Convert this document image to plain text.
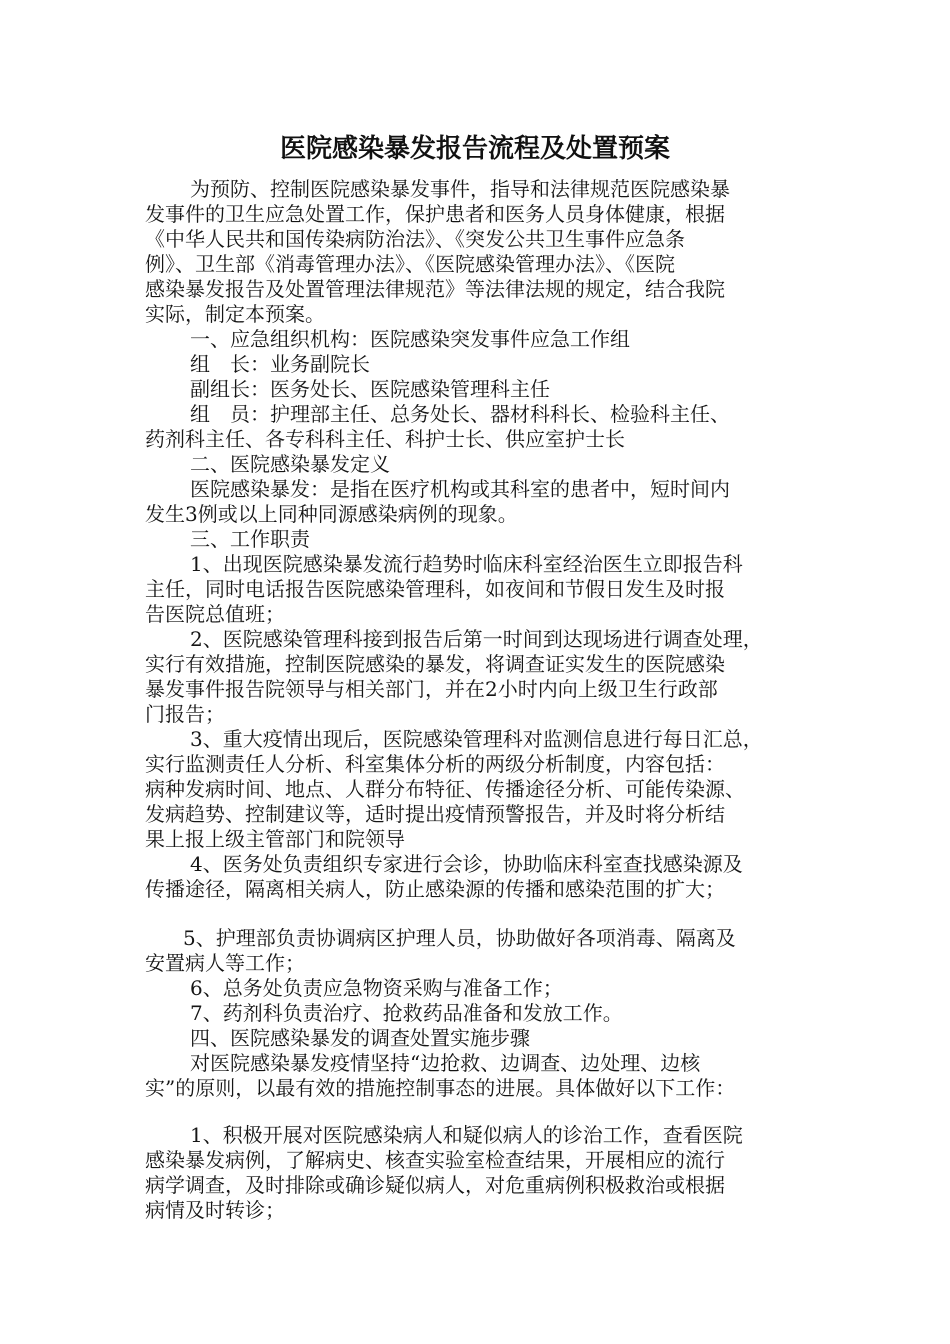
医院感染暴发报告流程及处置预案
为预防、控制医院感染暴发事件，指导和法律规范医院感染暴
发事件的卫生应急处置工作，保护患者和医务人员身体健康，根据
《中华人民共和国传染病防治法》、《突发公共卫生事件应急条
例》、卫生部《消毒管理办法》、《医院感染管理办法》、《医院
感染暴发报告及处置管理法律规范》等法律法规的规定，结合我院
实际，制定本预案。
一、应急组织机构：医院感染突发事件应急工作组
组　长：业务副院长
副组长：医务处长、医院感染管理科主任
组　员：护理部主任、总务处长、器材科科长、检验科主任、
药剂科主任、各专科科主任、科护士长、供应室护士长
二、医院感染暴发定义
医院感染暴发：是指在医疗机构或其科室的患者中，短时间内
发生3例或以上同种同源感染病例的现象。
三、工作职责
1、出现医院感染暴发流行趋势时临床科室经治医生立即报告科
主任，同时电话报告医院感染管理科，如夜间和节假日发生及时报
告医院总值班；
2、医院感染管理科接到报告后第一时间到达现场进行调查处理，
实行有效措施，控制医院感染的暴发，将调查证实发生的医院感染
暴发事件报告院领导与相关部门，并在2小时内向上级卫生行政部
门报告；
3、重大疫情出现后，医院感染管理科对监测信息进行每日汇总，
实行监测责任人分析、科室集体分析的两级分析制度，内容包括：
病种发病时间、地点、人群分布特征、传播途径分析、可能传染源、
发病趋势、控制建议等，适时提出疫情预警报告，并及时将分析结
果上报上级主管部门和院领导
4、医务处负责组织专家进行会诊，协助临床科室查找感染源及
传播途径，隔离相关病人，防止感染源的传播和感染范围的扩大；
5、护理部负责协调病区护理人员，协助做好各项消毒、隔离及
安置病人等工作；
6、总务处负责应急物资采购与准备工作；
7、药剂科负责治疗、抢救药品准备和发放工作。
四、医院感染暴发的调查处置实施步骤
对医院感染暴发疫情坚持“边抢救、边调查、边处理、边核
实”的原则，以最有效的措施控制事态的进展。具体做好以下工作：
1、积极开展对医院感染病人和疑似病人的诊治工作，查看医院
感染暴发病例，了解病史、核查实验室检查结果，开展相应的流行
病学调查，及时排除或确诊疑似病人，对危重病例积极救治或根据
病情及时转诊；
